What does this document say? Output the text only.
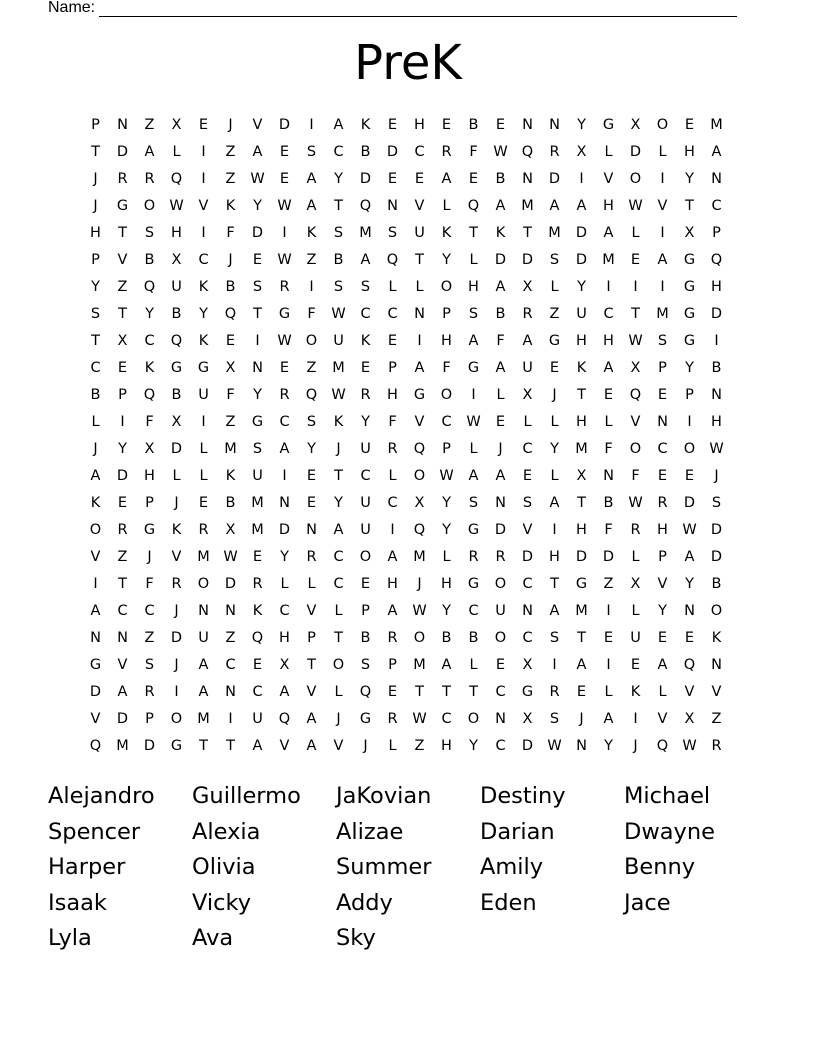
Name:
PreK
P	N	Z	X	E	J	V	D	I	A	K	E	H	E	B	E	N	N	Y	G	X	O	E	M
T	D	A	L	I	Z	A	E	S	C	B	D	C	R	F	W Q	R	X	L	D	L	H	A
J	R	R	Q	I	Z	W	E	A	Y	D	E	E	A	E	B	N	D	I	V	O	I	Y	N
J	G	O W	V	K	Y	W	A	T	Q	N	V	L	Q	A	M	A	A	H W	V	T	C
H	T	S	H	I	F	D	I	K	S	M	S	U	K	T	K	T	M	D	A	L	I	X	P
P	V	B	X	C	J	E	W	Z	B	A	Q	T	Y	L	D	D	S	D	M	E	A	G	Q
Y	Z	Q	U	K	B	S	R	I	S	S	L	L	O	H	A	X	L	Y	I	I	I	G	H
S	T	Y	B	Y	Q	T	G	F	W	C	C	N	P	S	B	R	Z	U	C	T	M	G	D
T	X	C	Q	K	E	I	W O	U	K	E	I	H	A	F	A	G	H	H W	S	G	I
C	E	K	G	G	X	N	E	Z	M	E	P	A	F	G	A	U	E	K	A	X	P	Y	B
B	P	Q	B	U	F	Y	R	Q W	R	H	G	O	I	L	X	J	T	E	Q	E	P	N
L	I	F	X	I	Z	G	C	S	K	Y	F	V	C	W	E	L	L	H	L	V	N	I	H
J	Y	X	D	L	M	S	A	Y	J	U	R	Q	P	L	J	C	Y	M	F	O	C	O W
A	D	H	L	L	K	U	I	E	T	C	L	O W	A	A	E	L	X	N	F	E	E	J
K	E	P	J	E	B	M	N	E	Y	U	C	X	Y	S	N	S	A	T	B	W	R	D	S
O	R	G	K	R	X	M	D	N	A	U	I	Q	Y	G	D	V	I	H	F	R	H W D
V	Z	J	V	M W	E	Y	R	C	O	A	M	L	R	R	D	H	D	D	L	P	A	D
I	T	F	R	O	D	R	L	L	C	E	H	J	H	G	O	C	T	G	Z	X	V	Y	B
A	C	C	J	N	N	K	C	V	L	P	A	W	Y	C	U	N	A	M	I	L	Y	N	O
N	N	Z	D	U	Z	Q	H	P	T	B	R	O	B	B	O	C	S	T	E	U	E	E	K
G	V	S	J	A	C	E	X	T	O	S	P	M	A	L	E	X	I	A	I	E	A	Q	N
D	A	R	I	A	N	C	A	V	L	Q	E	T	T	T	C	G	R	E	L	K	L	V	V
V	D	P	O	M	I	U	Q	A	J	G	R	W	C	O	N	X	S	J	A	I	V	X	Z
Q	M	D	G	T	T	A	V	A	V	J	L	Z	H	Y	C	D W N	Y	J	Q W	R
Alejandro	Guillermo	JaKovian	Destiny	Michael
Spencer	Alexia	Alizae	Darian	Dwayne
Harper	Olivia	Summer	Amily	Benny
Isaak	Vicky	Addy	Eden	Jace
Lyla	Ava	Sky
